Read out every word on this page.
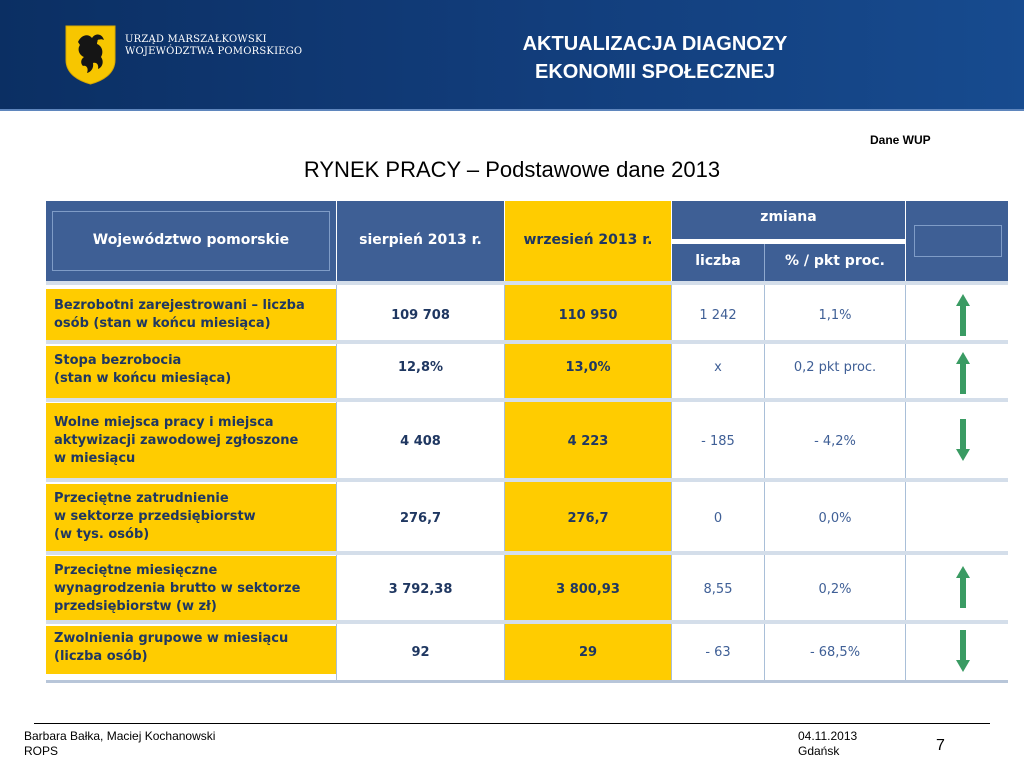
URZĄD MARSZAŁKOWSKI
WOJEWÓDZTWA POMORSKIEGO	AKTUALIZACJA DIAGNOZY
EKONOMII SPOŁECZNEJ
Dane WUP
RYNEK PRACY – Podstawowe dane 2013
Województwo pomorskie	sierpień 2013 r.	wrzesień 2013 r.
zmiana
liczba	% / pkt proc.
Bezrobotni zarejestrowani – liczba
osób (stan w końcu miesiąca)
109 708	110 950	1 242	1,1%
Stopa bezrobocia
(stan w końcu miesiąca)
12,8%	13,0%	x	0,2 pkt proc.
Wolne miejsca pracy i miejsca
aktywizacji zawodowej zgłoszone
w miesiącu
4 408	4 223	- 185	- 4,2%
Przeciętne zatrudnienie
w sektorze przedsiębiorstw
(w tys. osób)
276,7	276,7	0	0,0%
Przeciętne miesięczne
wynagrodzenia brutto w sektorze
przedsiębiorstw (w zł)
3 792,38	3 800,93	8,55	0,2%
Zwolnienia grupowe w miesiącu
(liczba osób)	92	29	- 63	- 68,5%
Barbara Bałka, Maciej Kochanowski
ROPS
04.11.2013
Gdańsk	7
